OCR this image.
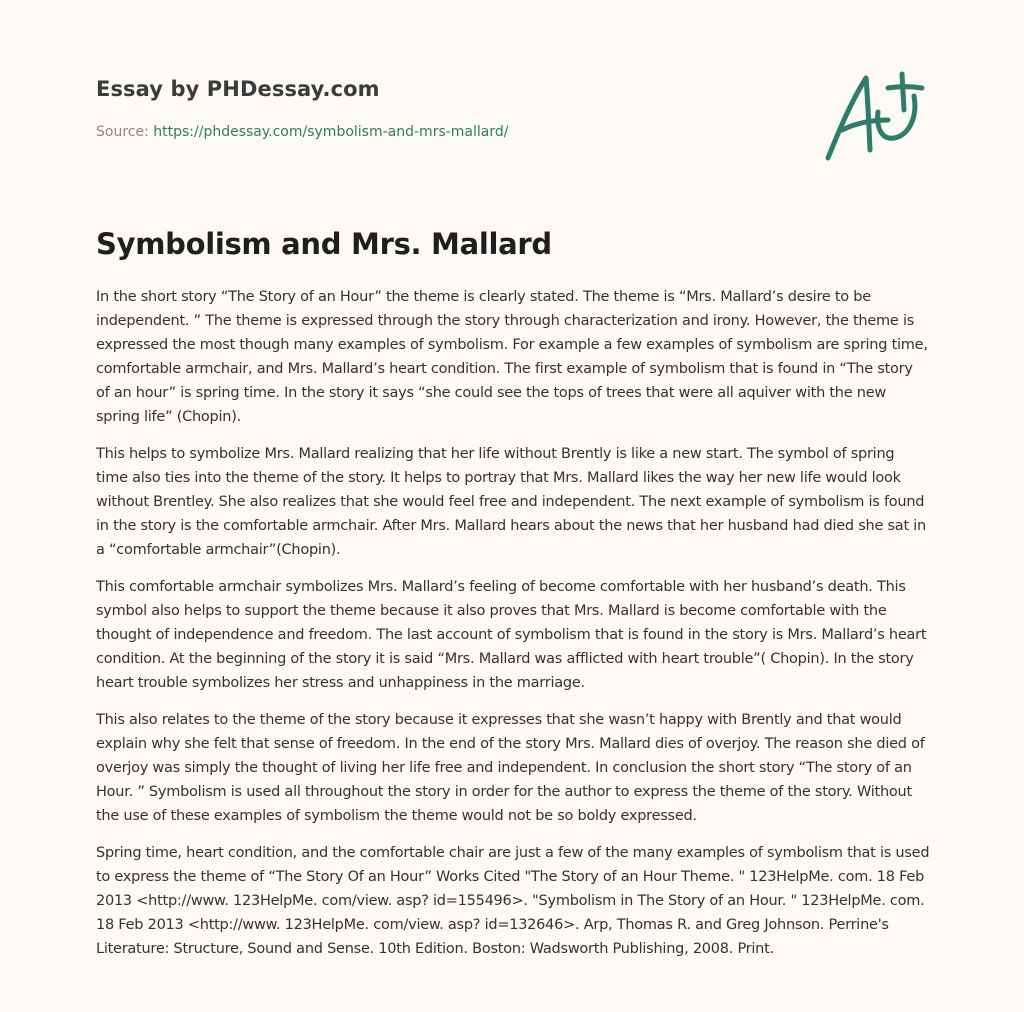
Essay by PHDessay.com
Source: https://phdessay.com/symbolism-and-mrs-mallard/
Symbolism and Mrs. Mallard

In the short story “The Story of an Hour” the theme is clearly stated. The theme is “Mrs. Mallard’s desire to be independent. ” The theme is expressed through the story through characterization and irony. However, the theme is expressed the most though many examples of symbolism. For example a few examples of symbolism are spring time, comfortable armchair, and Mrs. Mallard’s heart condition. The first example of symbolism that is found in “The story of an hour” is spring time. In the story it says “she could see the tops of trees that were all aquiver with the new spring life” (Chopin).

This helps to symbolize Mrs. Mallard realizing that her life without Brently is like a new start. The symbol of spring time also ties into the theme of the story. It helps to portray that Mrs. Mallard likes the way her new life would look without Brentley. She also realizes that she would feel free and independent. The next example of symbolism is found in the story is the comfortable armchair. After Mrs. Mallard hears about the news that her husband had died she sat in a “comfortable armchair”(Chopin).

This comfortable armchair symbolizes Mrs. Mallard’s feeling of become comfortable with her husband’s death. This symbol also helps to support the theme because it also proves that Mrs. Mallard is become comfortable with the thought of independence and freedom. The last account of symbolism that is found in the story is Mrs. Mallard’s heart condition. At the beginning of the story it is said “Mrs. Mallard was afflicted with heart trouble”( Chopin). In the story heart trouble symbolizes her stress and unhappiness in the marriage.

This also relates to the theme of the story because it expresses that she wasn’t happy with Brently and that would explain why she felt that sense of freedom. In the end of the story Mrs. Mallard dies of overjoy. The reason she died of overjoy was simply the thought of living her life free and independent. In conclusion the short story “The story of an Hour. ” Symbolism is used all throughout the story in order for the author to express the theme of the story. Without the use of these examples of symbolism the theme would not be so boldy expressed.

Spring time, heart condition, and the comfortable chair are just a few of the many examples of symbolism that is used to express the theme of “The Story Of an Hour” Works Cited "The Story of an Hour Theme. " 123HelpMe. com. 18 Feb 2013 <http://www. 123HelpMe. com/view. asp? id=155496>. "Symbolism in The Story of an Hour. " 123HelpMe. com. 18 Feb 2013 <http://www. 123HelpMe. com/view. asp? id=132646>. Arp, Thomas R. and Greg Johnson. Perrine's Literature: Structure, Sound and Sense. 10th Edition. Boston: Wadsworth Publishing, 2008. Print.
